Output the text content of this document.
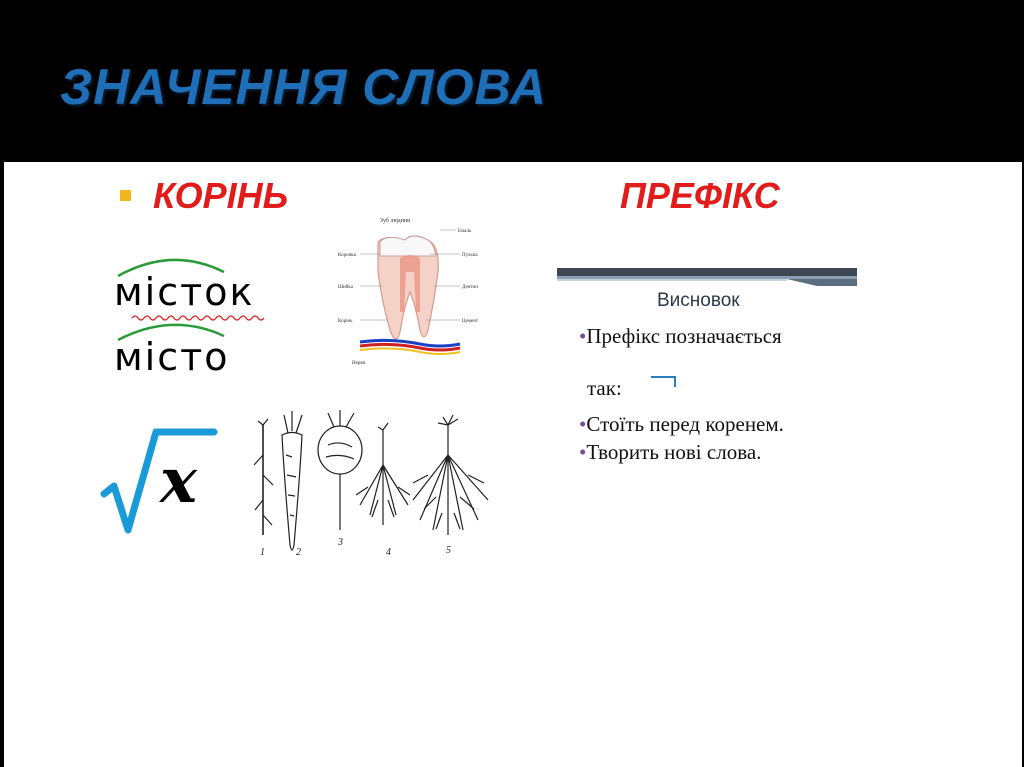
ЗНАЧЕННЯ СЛОВА
КОРІНЬ	ПРЕФІКС
місток
місто
Зуб людини
Коронка
Шийка
Корінь
Нерви
Емаль
Пульпа
Дентин
Цемент
x
1	2
3
4	5
Висновок
•Префікс позначається
так:
•Стоїть перед коренем.
•Творить нові слова.
